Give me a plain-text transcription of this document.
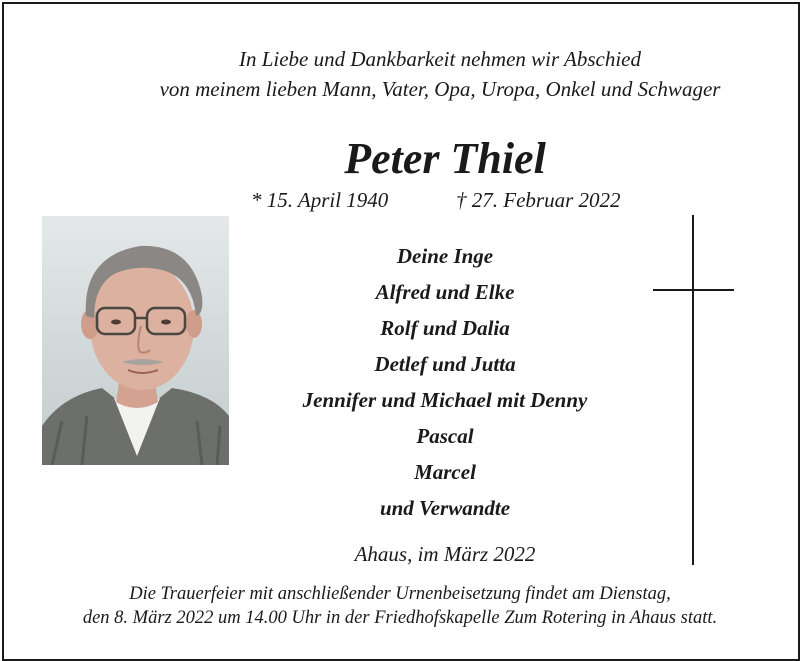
In Liebe und Dankbarkeit nehmen wir Abschied
von meinem lieben Mann, Vater, Opa, Uropa, Onkel und Schwager
Peter Thiel
* 15. April 1940	† 27. Februar 2022
Deine Inge
Alfred und Elke
Rolf und Dalia
Detlef und Jutta
Jennifer und Michael mit Denny
Pascal
Marcel
und Verwandte
Ahaus, im März 2022
Die Trauerfeier mit anschließender Urnenbeisetzung findet am Dienstag,
den 8. März 2022 um 14.00 Uhr in der Friedhofskapelle Zum Rotering in Ahaus statt.
